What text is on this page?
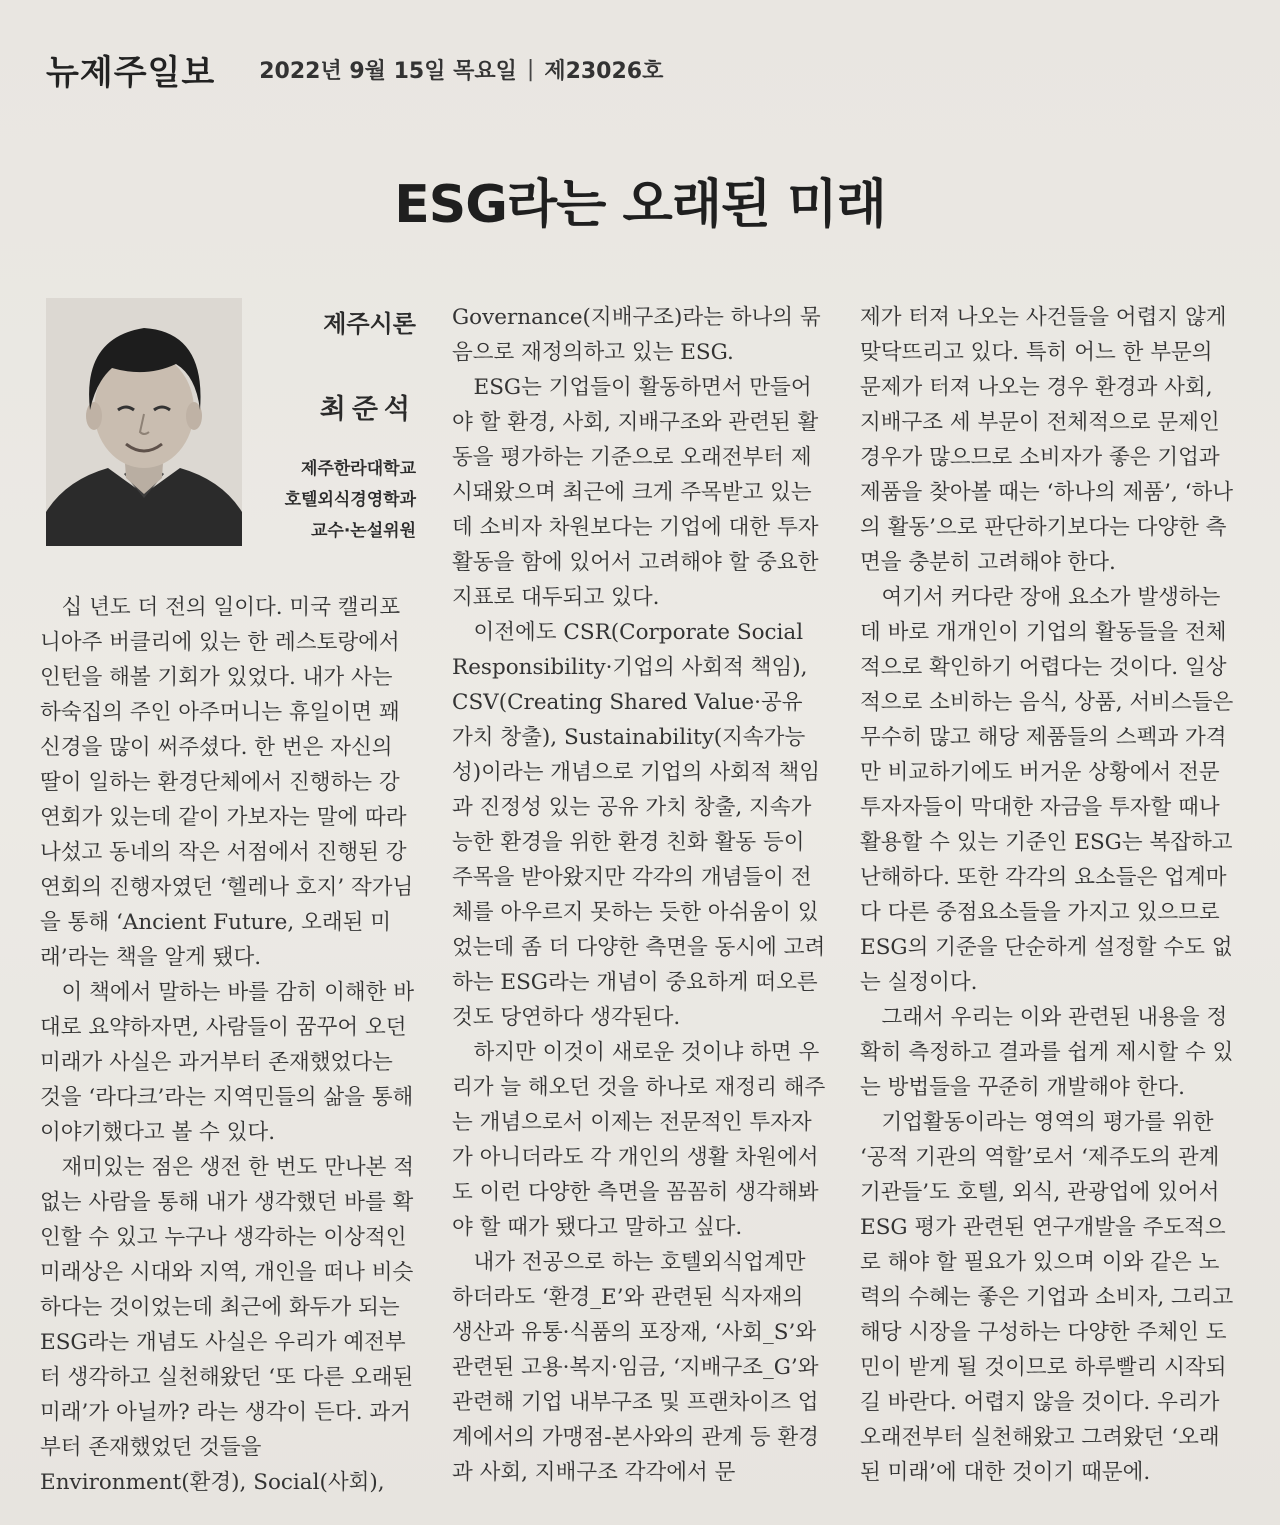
뉴제주일보 2022년 9월 15일 목요일 | 제23026호
ESG라는 오래된 미래
제주시론
최준석
제주한라대학교
호텔외식경영학과
교수·논설위원

십 년도 더 전의 일이다. 미국 캘리포니아주 버클리에 있는 한 레스토랑에서 인턴을 해볼 기회가 있었다. 내가 사는 하숙집의 주인 아주머니는 휴일이면 꽤 신경을 많이 써주셨다. 한 번은 자신의 딸이 일하는 환경단체에서 진행하는 강연회가 있는데 같이 가보자는 말에 따라나섰고 동네의 작은 서점에서 진행된 강연회의 진행자였던 ‘헬레나 호지’ 작가님을 통해 ‘Ancient Future, 오래된 미래’라는 책을 알게 됐다.

이 책에서 말하는 바를 감히 이해한 바대로 요약하자면, 사람들이 꿈꾸어 오던 미래가 사실은 과거부터 존재했었다는 것을 ‘라다크’라는 지역민들의 삶을 통해 이야기했다고 볼 수 있다.

재미있는 점은 생전 한 번도 만나본 적 없는 사람을 통해 내가 생각했던 바를 확인할 수 있고 누구나 생각하는 이상적인 미래상은 시대와 지역, 개인을 떠나 비슷하다는 것이었는데 최근에 화두가 되는 ESG라는 개념도 사실은 우리가 예전부터 생각하고 실천해왔던 ‘또 다른 오래된 미래’가 아닐까? 라는 생각이 든다. 과거부터 존재했었던 것들을 Environment(환경), Social(사회),

Governance(지배구조)라는 하나의 묶음으로 재정의하고 있는 ESG.

ESG는 기업들이 활동하면서 만들어야 할 환경, 사회, 지배구조와 관련된 활동을 평가하는 기준으로 오래전부터 제시돼왔으며 최근에 크게 주목받고 있는데 소비자 차원보다는 기업에 대한 투자 활동을 함에 있어서 고려해야 할 중요한 지표로 대두되고 있다.

이전에도 CSR(Corporate Social Responsibility·기업의 사회적 책임), CSV(Creating Shared Value·공유 가치 창출), Sustainability(지속가능성)이라는 개념으로 기업의 사회적 책임과 진정성 있는 공유 가치 창출, 지속가능한 환경을 위한 환경 친화 활동 등이 주목을 받아왔지만 각각의 개념들이 전체를 아우르지 못하는 듯한 아쉬움이 있었는데 좀 더 다양한 측면을 동시에 고려하는 ESG라는 개념이 중요하게 떠오른 것도 당연하다 생각된다.

하지만 이것이 새로운 것이냐 하면 우리가 늘 해오던 것을 하나로 재정리 해주는 개념으로서 이제는 전문적인 투자자가 아니더라도 각 개인의 생활 차원에서도 이런 다양한 측면을 꼼꼼히 생각해봐야 할 때가 됐다고 말하고 싶다.

내가 전공으로 하는 호텔외식업계만 하더라도 ‘환경_E’와 관련된 식자재의 생산과 유통·식품의 포장재, ‘사회_S’와 관련된 고용·복지·임금, ‘지배구조_G’와 관련해 기업 내부구조 및 프랜차이즈 업계에서의 가맹점-본사와의 관계 등 환경과 사회, 지배구조 각각에서 문

제가 터져 나오는 사건들을 어렵지 않게 맞닥뜨리고 있다. 특히 어느 한 부문의 문제가 터져 나오는 경우 환경과 사회, 지배구조 세 부문이 전체적으로 문제인 경우가 많으므로 소비자가 좋은 기업과 제품을 찾아볼 때는 ‘하나의 제품’, ‘하나의 활동’으로 판단하기보다는 다양한 측면을 충분히 고려해야 한다.

여기서 커다란 장애 요소가 발생하는데 바로 개개인이 기업의 활동들을 전체적으로 확인하기 어렵다는 것이다. 일상적으로 소비하는 음식, 상품, 서비스들은 무수히 많고 해당 제품들의 스펙과 가격만 비교하기에도 버거운 상황에서 전문 투자자들이 막대한 자금을 투자할 때나 활용할 수 있는 기준인 ESG는 복잡하고 난해하다. 또한 각각의 요소들은 업계마다 다른 중점요소들을 가지고 있으므로 ESG의 기준을 단순하게 설정할 수도 없는 실정이다.

그래서 우리는 이와 관련된 내용을 정확히 측정하고 결과를 쉽게 제시할 수 있는 방법들을 꾸준히 개발해야 한다.

기업활동이라는 영역의 평가를 위한 ‘공적 기관의 역할’로서 ‘제주도의 관계 기관들’도 호텔, 외식, 관광업에 있어서 ESG 평가 관련된 연구개발을 주도적으로 해야 할 필요가 있으며 이와 같은 노력의 수혜는 좋은 기업과 소비자, 그리고 해당 시장을 구성하는 다양한 주체인 도민이 받게 될 것이므로 하루빨리 시작되길 바란다. 어렵지 않을 것이다. 우리가 오래전부터 실천해왔고 그려왔던 ‘오래된 미래’에 대한 것이기 때문에.
